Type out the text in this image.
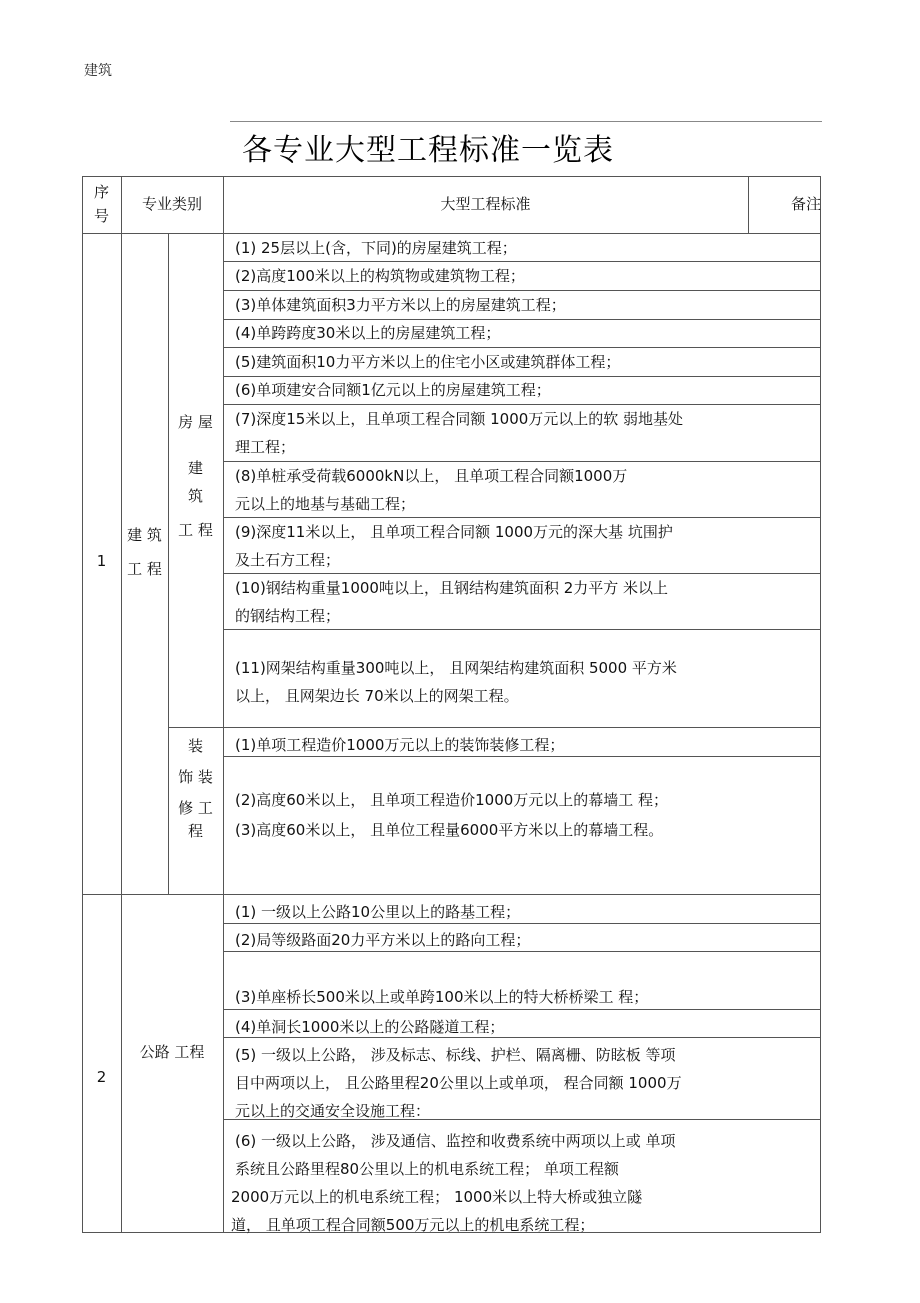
建筑
各专业大型工程标准一览表
序
号
专业类别	大型工程标准	备注
1
建 筑
工 程
(1) 25层以上(含，下同)的房屋建筑工程；
(2)高度100米以上的构筑物或建筑物工程；
(3)单体建筑面积3力平方米以上的房屋建筑工程；
(4)单跨跨度30米以上的房屋建筑工程；
(5)建筑面积10力平方米以上的住宅小区或建筑群体工程；
(6)单项建安合同额1亿元以上的房屋建筑工程；
(7)深度15米以上，且单项工程合同额 1000万元以上的软 弱地基处
理工程；
(8)单桩承受荷载6000kN以上， 且单项工程合同额1000万
元以上的地基与基础工程；
(9)深度11米以上， 且单项工程合同额 1000万元的深大基 坑围护
及土石方工程；
(10)钢结构重量1000吨以上，且钢结构建筑面积 2力平方 米以上
的钢结构工程；
(11)网架结构重量300吨以上， 且网架结构建筑面积 5000 平方米
以上， 且网架边长 70米以上的网架工程。
房 屋
建
筑
工 程
(1)单项工程造价1000万元以上的装饰装修工程；
(2)高度60米以上， 且单项工程造价1000万元以上的幕墙工 程；
(3)高度60米以上， 且单位工程量6000平方米以上的幕墙工程。
装
饰 装
修 工
程
2
公路 工程
(1) 一级以上公路10公里以上的路基工程；
(2)局等级路面20力平方米以上的路向工程；
(3)单座桥长500米以上或单跨100米以上的特大桥桥梁工 程；
(4)单洞长1000米以上的公路隧道工程；
(5) 一级以上公路， 涉及标志、标线、护栏、隔离栅、防眩板 等项
目中两项以上， 且公路里程20公里以上或单项， 程合同额 1000万
元以上的交通安全设施工程：
(6) 一级以上公路， 涉及通信、监控和收费系统中两项以上或 单项
系统且公路里程80公里以上的机电系统工程； 单项工程额
2000万元以上的机电系统工程； 1000米以上特大桥或独立隧
道， 且单项工程合同额500万元以上的机电系统工程；
